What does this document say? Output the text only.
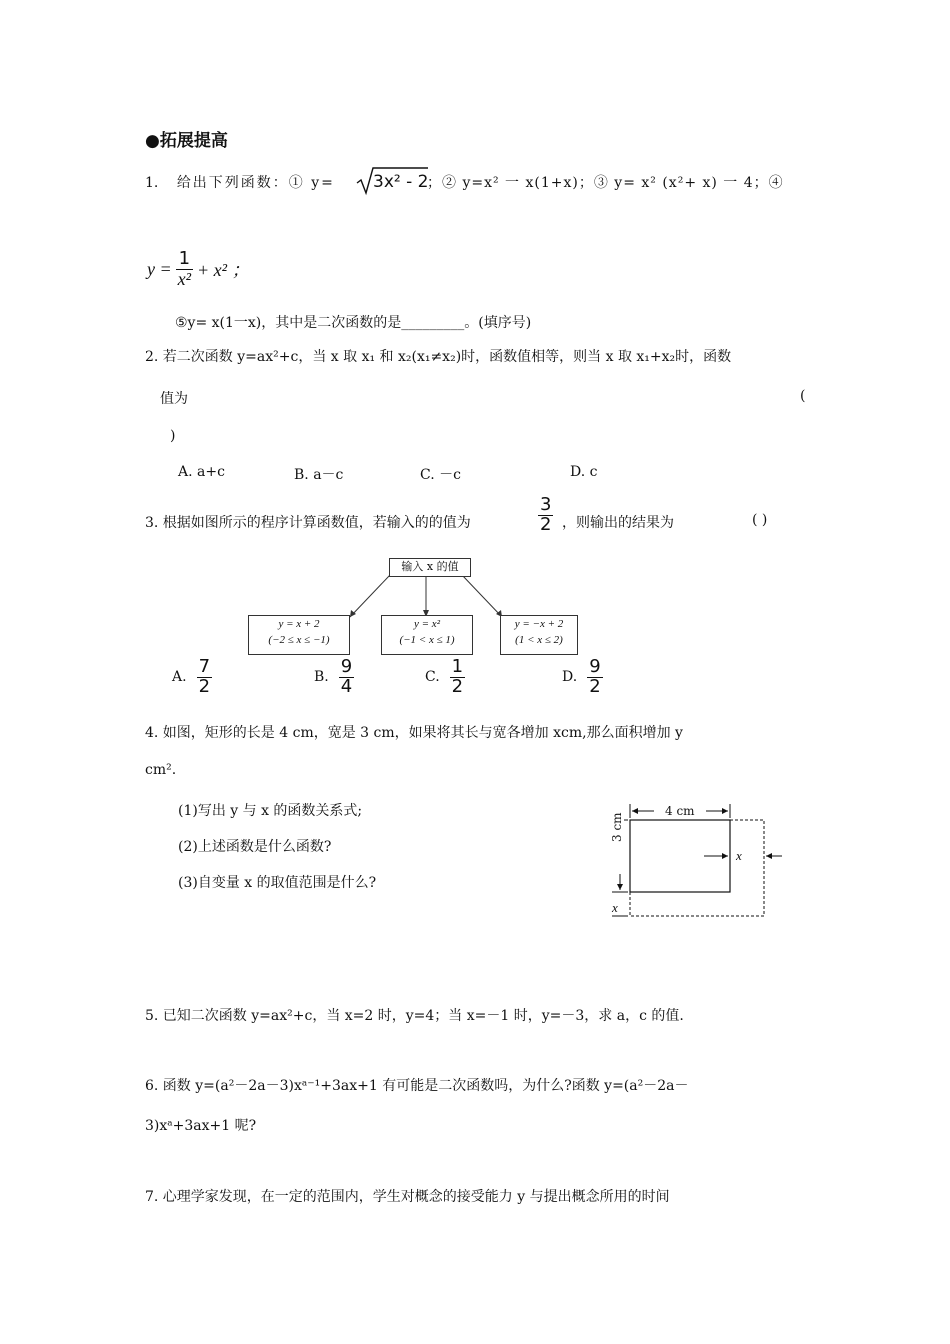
●拓展提高
1. 给出下列函数：① y= 3x² - 2
；② y=x² 一 x(1+x)；③ y= x² (x²+ x) 一 4；④
$y = \frac{1}{\text{x²}} + x^2$ ；
⑤y= x(1一x)，其中是二次函数的是_________。(填序号)
2. 若二次函数 y=ax²+c，当 x 取 x₁ 和 x₂(x₁≠x₂)时，函数值相等，则当 x 取 x₁+x₂时，函数
值为	(
)
A. a+c	B. a－c	C. －c	D. c
3. 根据如图所示的程序计算函数值，若输入的的值为	$\frac{3}{2}$ ，则输出的结果为	( )
输入 x 的值
y = x + 2
(−2 ≤ x ≤ −1)
y = x²
(−1 < x ≤ 1)
y = −x + 2
(1 < x ≤ 2)
A. $\frac{7}{2}$	B. $\frac{9}{4}$	C. $\frac{1}{2}$	D. $\frac{9}{2}$
4. 如图，矩形的长是 4 cm，宽是 3 cm，如果将其长与宽各增加 xcm,那么面积增加 y
cm².
(1)写出 y 与 x 的函数关系式;
(2)上述函数是什么函数?
(3)自变量 x 的取值范围是什么?
4 cm
3 cm
x
x
5. 已知二次函数 y=ax²+c，当 x=2 时，y=4；当 x=－1 时，y=－3，求 a，c 的值.
6. 函数 y=(a²－2a－3)xᵃ⁻¹+3ax+1 有可能是二次函数吗，为什么?函数 y=(a²－2a－
3)xᵃ+3ax+1 呢?
7. 心理学家发现，在一定的范围内，学生对概念的接受能力 y 与提出概念所用的时间
